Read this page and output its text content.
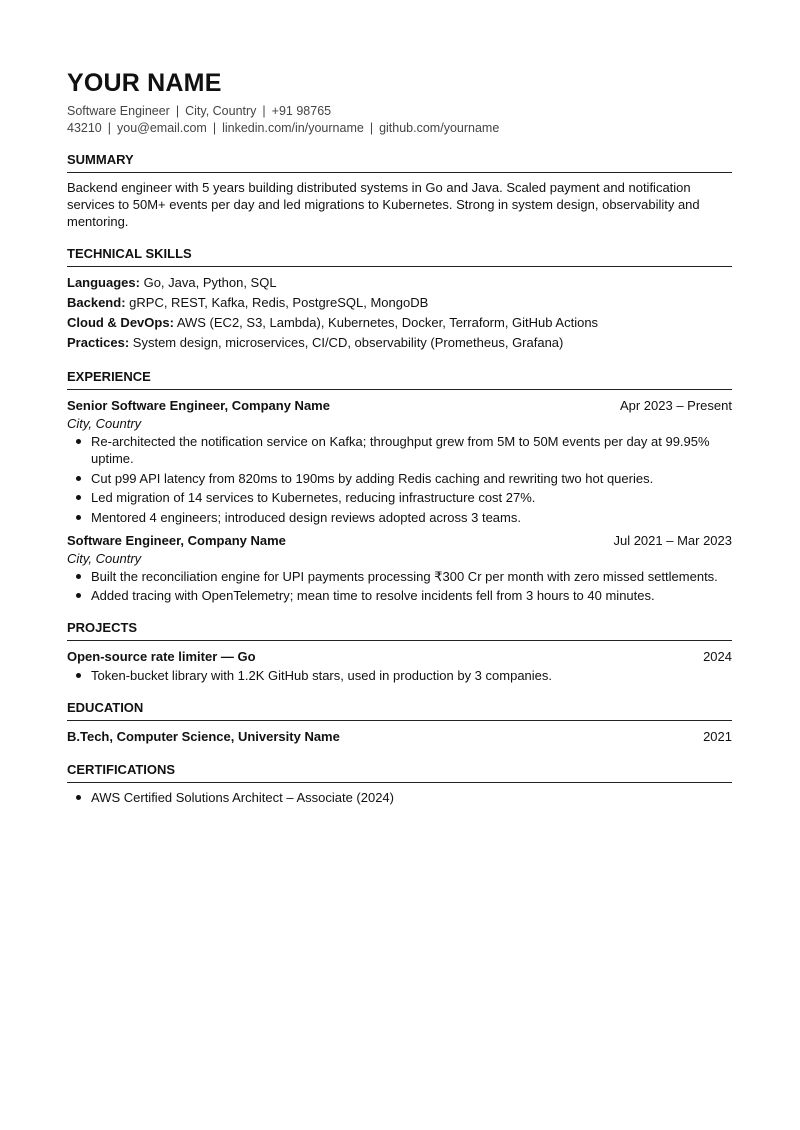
YOUR NAME
Software Engineer | City, Country | +91 98765 43210 | you@email.com | linkedin.com/in/yourname | github.com/yourname
SUMMARY
Backend engineer with 5 years building distributed systems in Go and Java. Scaled payment and notification services to 50M+ events per day and led migrations to Kubernetes. Strong in system design, observability and mentoring.
TECHNICAL SKILLS
Languages: Go, Java, Python, SQL
Backend: gRPC, REST, Kafka, Redis, PostgreSQL, MongoDB
Cloud & DevOps: AWS (EC2, S3, Lambda), Kubernetes, Docker, Terraform, GitHub Actions
Practices: System design, microservices, CI/CD, observability (Prometheus, Grafana)
EXPERIENCE
Senior Software Engineer, Company Name	Apr 2023 – Present
City, Country
Re-architected the notification service on Kafka; throughput grew from 5M to 50M events per day at 99.95% uptime.
Cut p99 API latency from 820ms to 190ms by adding Redis caching and rewriting two hot queries.
Led migration of 14 services to Kubernetes, reducing infrastructure cost 27%.
Mentored 4 engineers; introduced design reviews adopted across 3 teams.
Software Engineer, Company Name	Jul 2021 – Mar 2023
City, Country
Built the reconciliation engine for UPI payments processing ₹300 Cr per month with zero missed settlements.
Added tracing with OpenTelemetry; mean time to resolve incidents fell from 3 hours to 40 minutes.
PROJECTS
Open-source rate limiter — Go	2024
Token-bucket library with 1.2K GitHub stars, used in production by 3 companies.
EDUCATION
B.Tech, Computer Science, University Name	2021
CERTIFICATIONS
AWS Certified Solutions Architect – Associate (2024)
